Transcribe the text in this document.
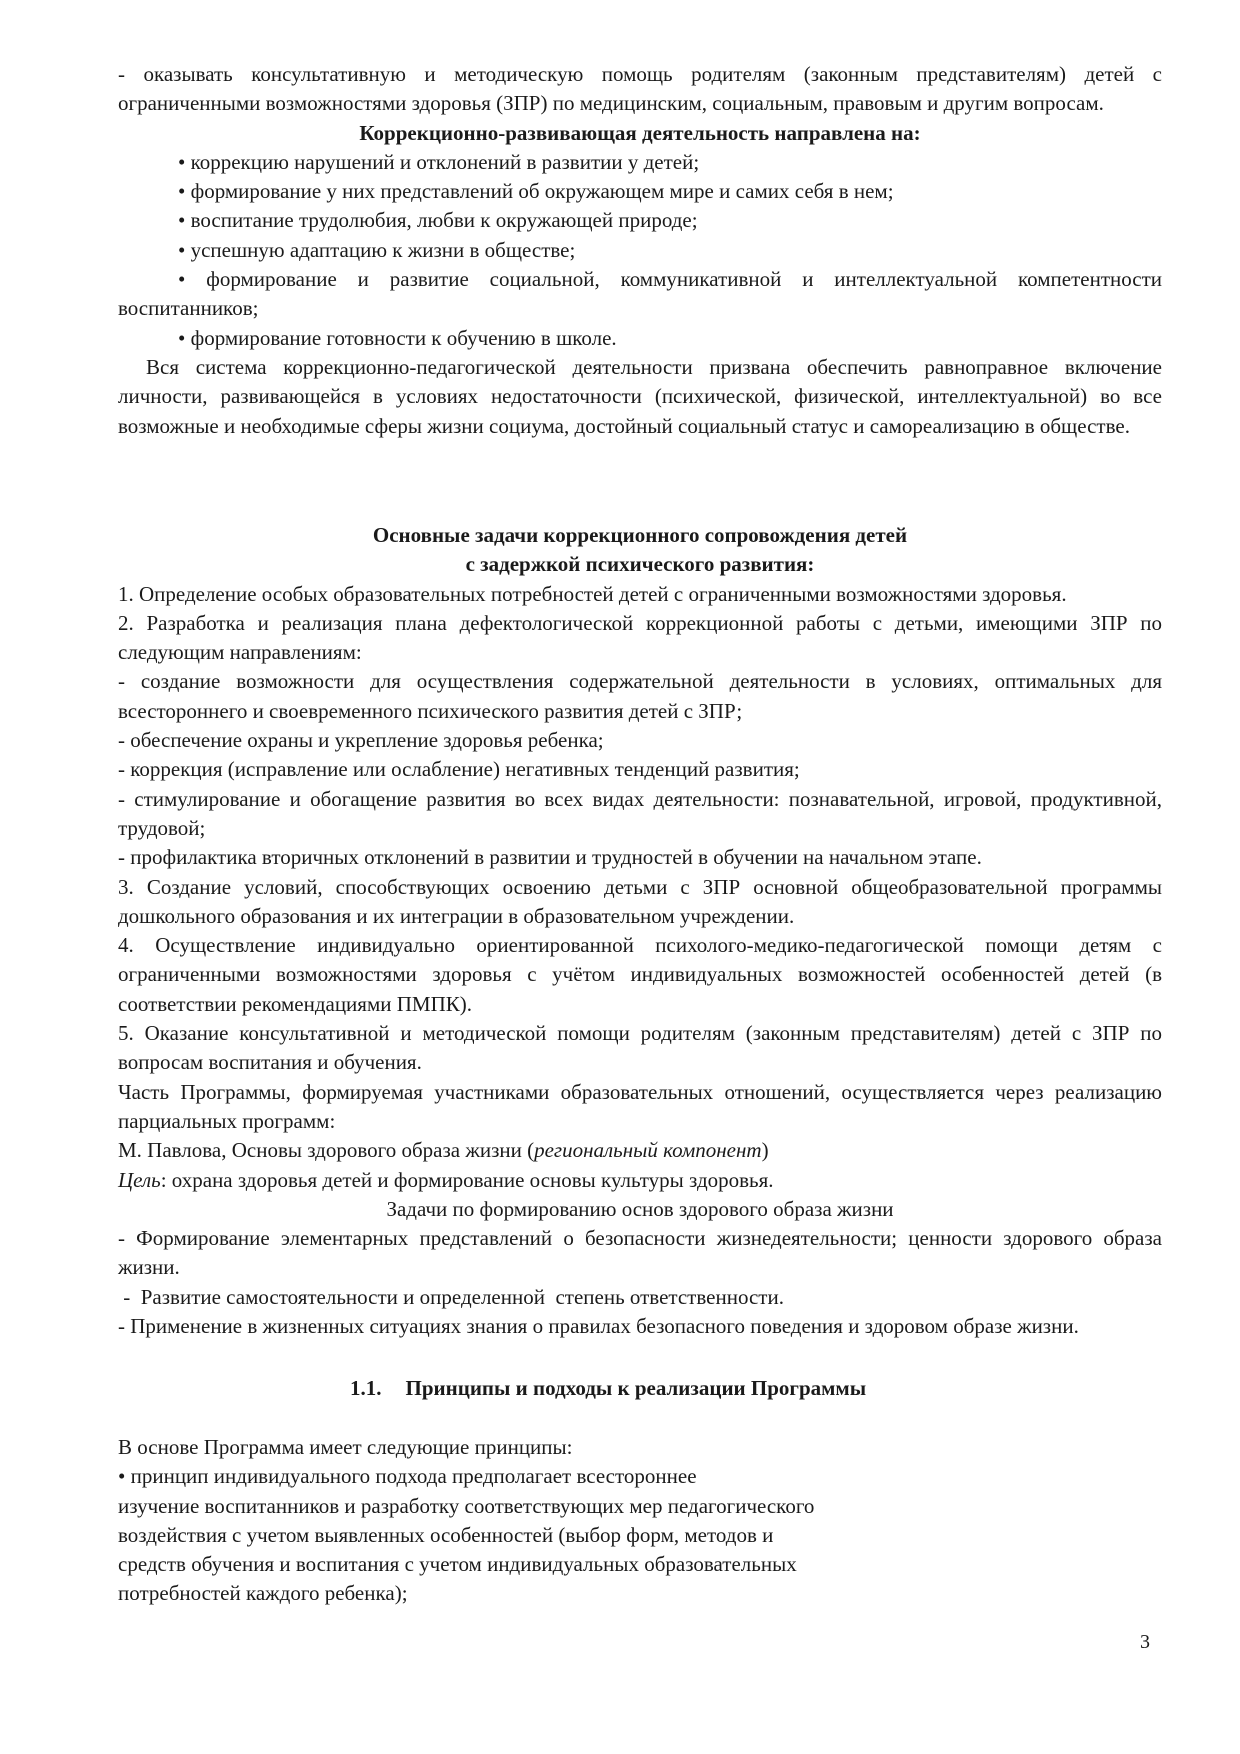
- оказывать консультативную и методическую помощь родителям (законным представителям) детей с ограниченными возможностями здоровья (ЗПР) по медицинским, социальным, правовым и другим вопросам.

Коррекционно-развивающая деятельность направлена на:

• коррекцию нарушений и отклонений в развитии у детей;

• формирование у них представлений об окружающем мире и самих себя в нем;

• воспитание трудолюбия, любви к окружающей природе;

• успешную адаптацию к жизни в обществе;

• формирование и развитие социальной, коммуникативной и интеллектуальной компетентности воспитанников;

• формирование готовности к обучению в школе.

Вся система коррекционно-педагогической деятельности призвана обеспечить равноправное включение личности, развивающейся в условиях недостаточности (психической, физической, интеллектуальной) во все возможные и необходимые сферы жизни социума, достойный социальный статус и самореализацию в обществе.

Основные задачи коррекционного сопровождения детей

с задержкой психического развития:

1. Определение особых образовательных потребностей детей с ограниченными возможностями здоровья.

2. Разработка и реализация плана дефектологической коррекционной работы с детьми, имеющими ЗПР по следующим направлениям:

- создание возможности для осуществления содержательной деятельности в условиях, оптимальных для всестороннего и своевременного психического развития детей с ЗПР;

- обеспечение охраны и укрепление здоровья ребенка;

- коррекция (исправление или ослабление) негативных тенденций развития;

- стимулирование и обогащение развития во всех видах деятельности: познавательной, игровой, продуктивной, трудовой;

- профилактика вторичных отклонений в развитии и трудностей в обучении на начальном этапе.

3. Создание условий, способствующих освоению детьми с ЗПР основной общеобразовательной программы дошкольного образования и их интеграции в образовательном учреждении.

4. Осуществление индивидуально ориентированной психолого-медико-педагогической помощи детям с ограниченными возможностями здоровья с учётом индивидуальных возможностей особенностей детей (в соответствии рекомендациями ПМПК).

5. Оказание консультативной и методической помощи родителям (законным представителям) детей с ЗПР по вопросам воспитания и обучения.

Часть Программы, формируемая участниками образовательных отношений, осуществляется через реализацию парциальных программ:

М. Павлова, Основы здорового образа жизни (региональный компонент)

Цель: охрана здоровья детей и формирование основы культуры здоровья.

Задачи по формированию основ здорового образа жизни

- Формирование элементарных представлений о безопасности жизнедеятельности; ценности здорового образа жизни.

-  Развитие самостоятельности и определенной  степень ответственности.

- Применение в жизненных ситуациях знания о правилах безопасного поведения и здоровом образе жизни.

1.1. Принципы и подходы к реализации Программы

В основе Программа имеет следующие принципы:

• принцип индивидуального подхода предполагает всестороннее

изучение воспитанников и разработку соответствующих мер педагогического

воздействия с учетом выявленных особенностей (выбор форм, методов и

средств обучения и воспитания с учетом индивидуальных образовательных

потребностей каждого ребенка);

3
